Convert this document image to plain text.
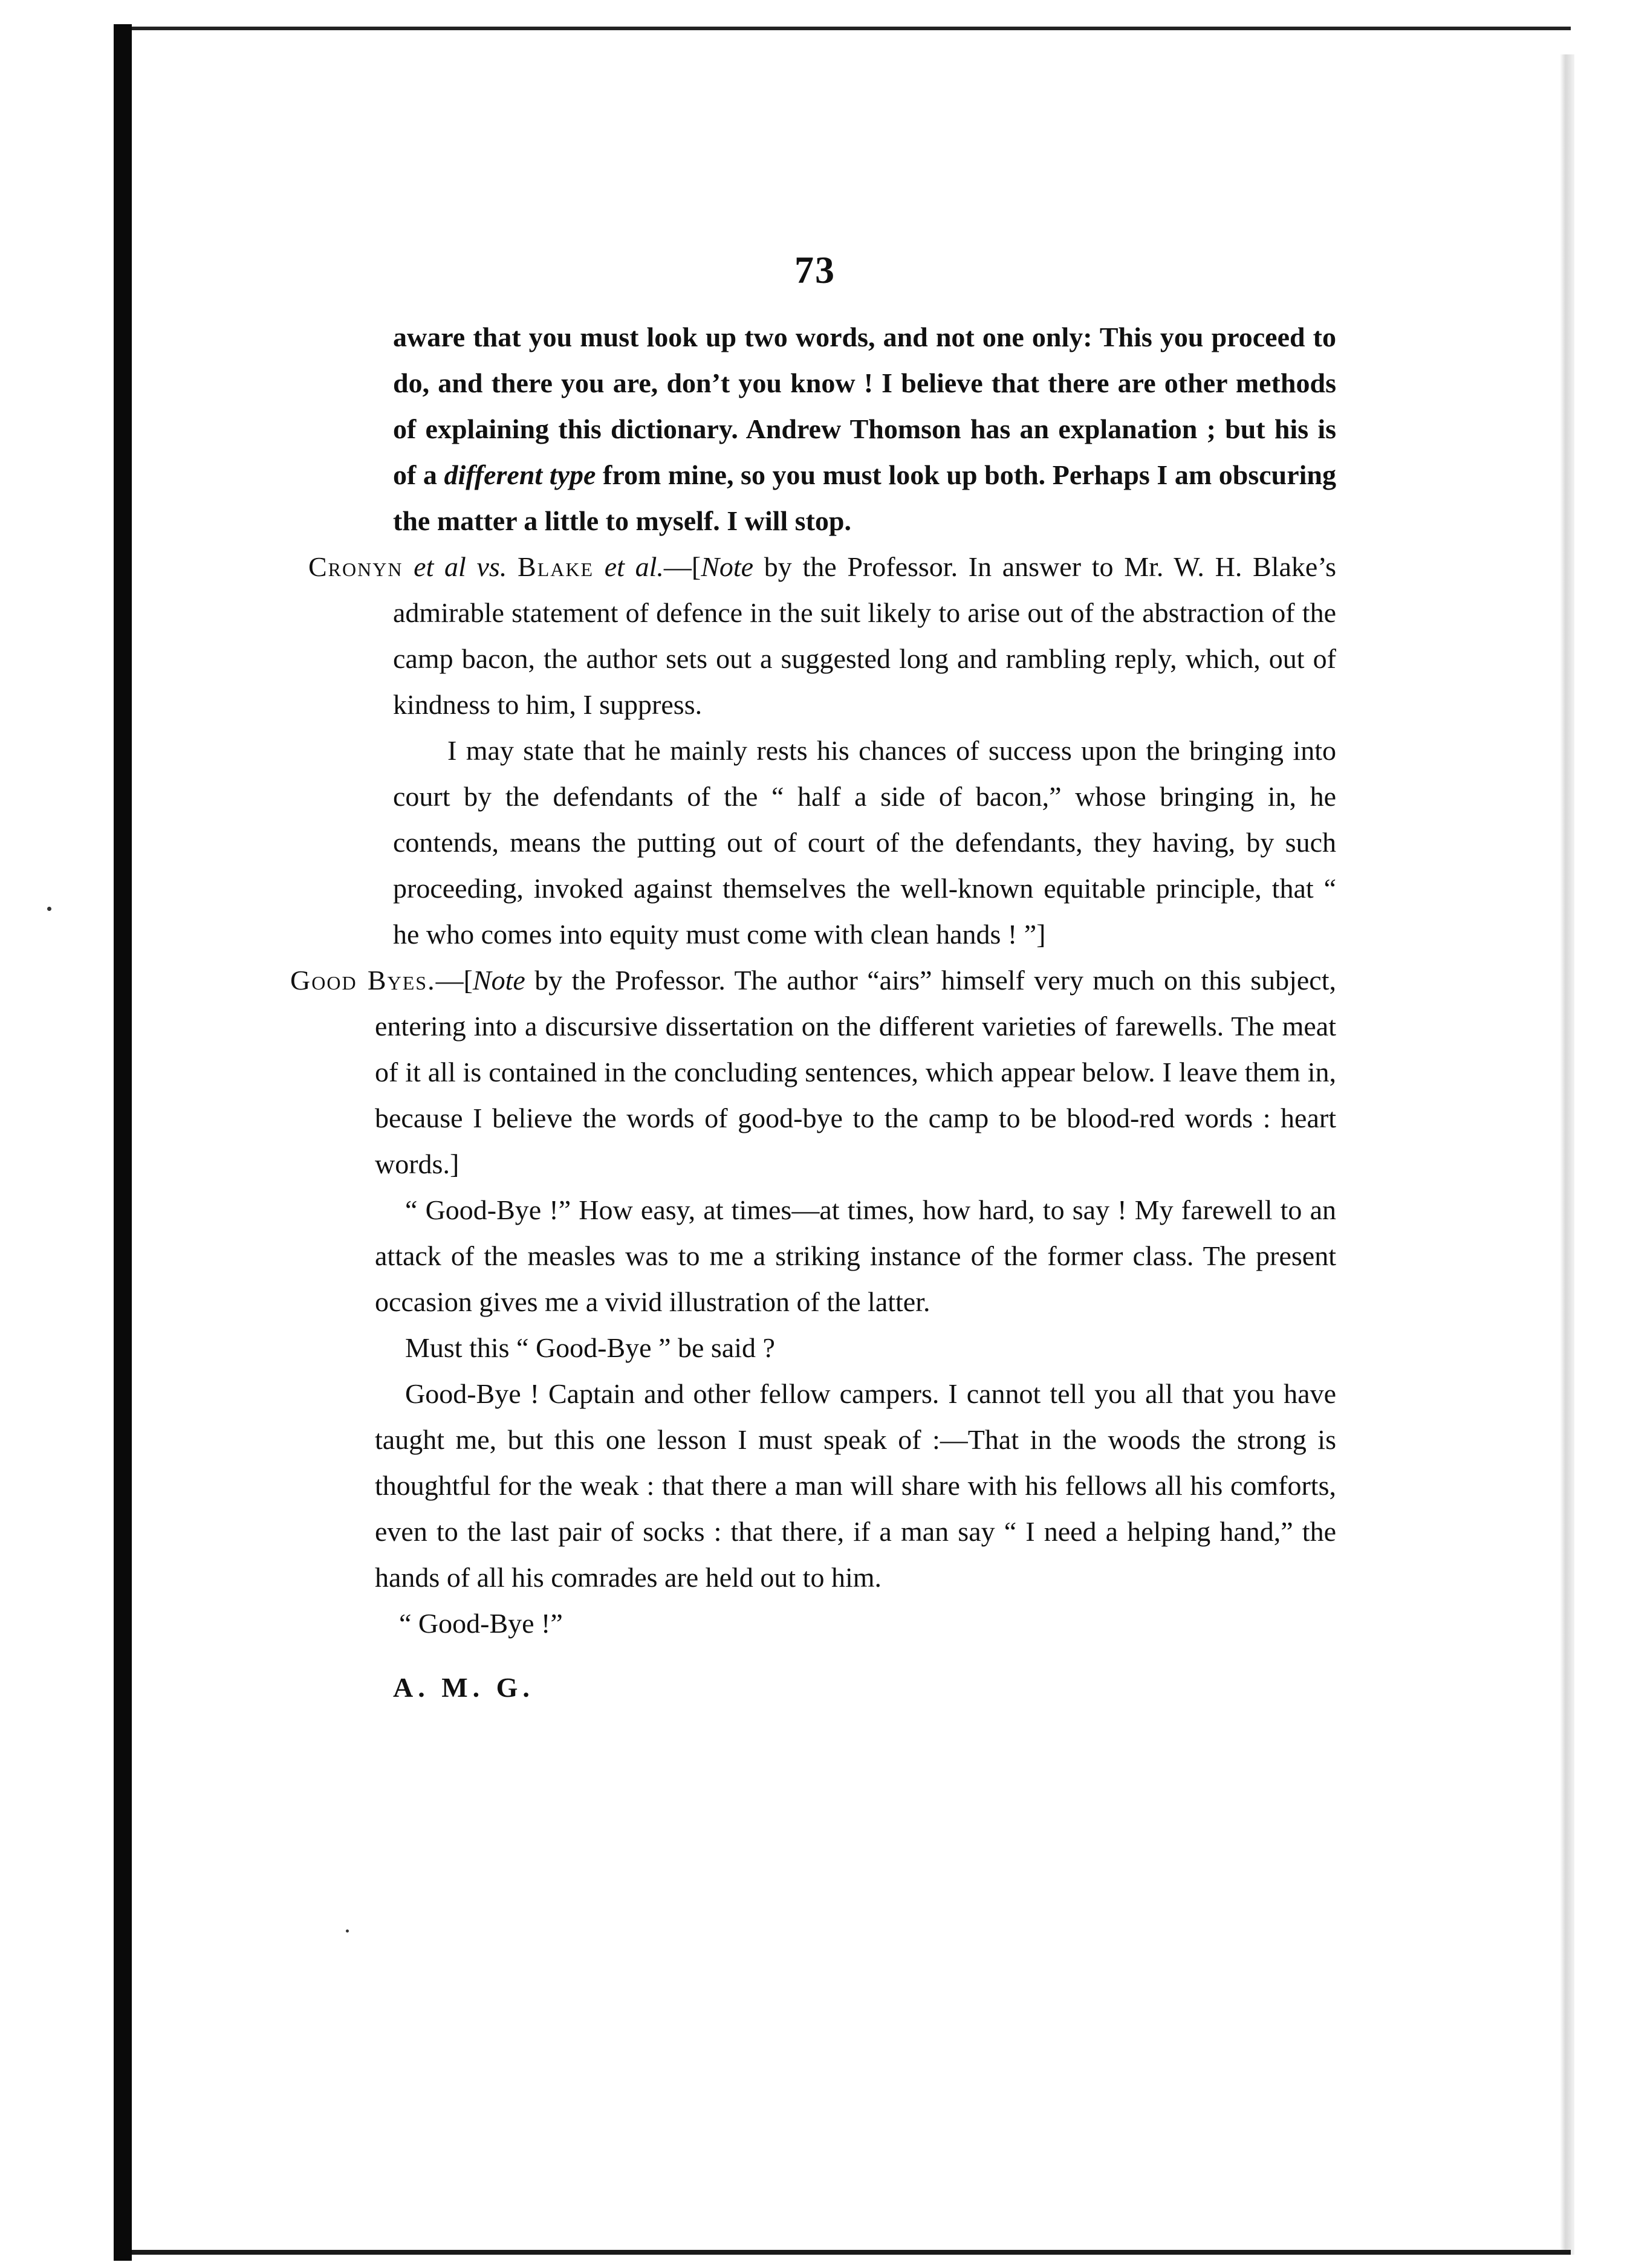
73

aware that you must look up two words, and not one only: This you proceed to do, and there you are, don’t you know ! I believe that there are other methods of explaining this dictionary. Andrew Thomson has an explanation ; but his is of a different type from mine, so you must look up both. Perhaps I am obscuring the matter a little to myself. I will stop.

Cronyn et al vs. Blake et al.—[Note by the Professor. In answer to Mr. W. H. Blake’s admirable statement of defence in the suit likely to arise out of the abstraction of the camp bacon, the author sets out a suggested long and rambling reply, which, out of kindness to him, I suppress.

I may state that he mainly rests his chances of success upon the bringing into court by the defendants of the “ half a side of bacon,” whose bringing in, he contends, means the putting out of court of the defendants, they having, by such proceeding, invoked against themselves the well-known equitable principle, that “ he who comes into equity must come with clean hands ! ”]

Good Byes.—[Note by the Professor. The author “airs” himself very much on this subject, entering into a discursive dissertation on the different varieties of farewells. The meat of it all is contained in the concluding sentences, which appear below. I leave them in, because I believe the words of good-bye to the camp to be blood-red words : heart words.]

“ Good-Bye !” How easy, at times—at times, how hard, to say ! My farewell to an attack of the measles was to me a striking instance of the former class. The present occasion gives me a vivid illustration of the latter.

Must this “ Good-Bye ” be said ?

Good-Bye ! Captain and other fellow campers. I cannot tell you all that you have taught me, but this one lesson I must speak of :—That in the woods the strong is thoughtful for the weak : that there a man will share with his fellows all his comforts, even to the last pair of socks : that there, if a man say “ I need a helping hand,” the hands of all his comrades are held out to him.

“ Good-Bye !”

A. M. G.
